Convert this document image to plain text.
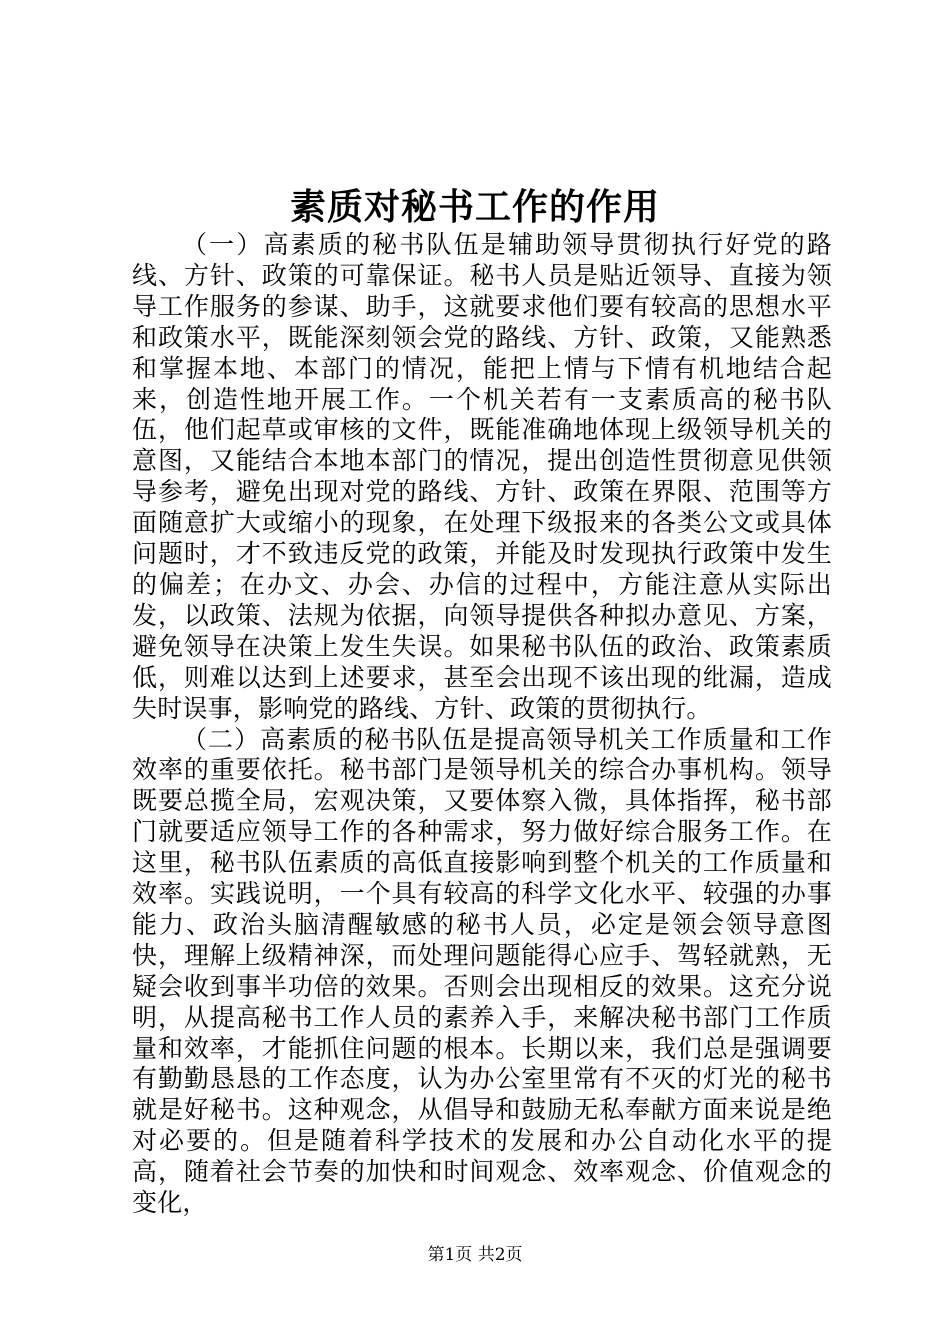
素质对秘书工作的作用

（一）高素质的秘书队伍是辅助领导贯彻执行好党的路线、方针、政策的可靠保证。秘书人员是贴近领导、直接为领导工作服务的参谋、助手，这就要求他们要有较高的思想水平和政策水平，既能深刻领会党的路线、方针、政策，又能熟悉和掌握本地、本部门的情况，能把上情与下情有机地结合起来，创造性地开展工作。一个机关若有一支素质高的秘书队伍，他们起草或审核的文件，既能准确地体现上级领导机关的意图，又能结合本地本部门的情况，提出创造性贯彻意见供领导参考，避免出现对党的路线、方针、政策在界限、范围等方面随意扩大或缩小的现象，在处理下级报来的各类公文或具体问题时，才不致违反党的政策，并能及时发现执行政策中发生的偏差；在办文、办会、办信的过程中，方能注意从实际出发，以政策、法规为依据，向领导提供各种拟办意见、方案，避免领导在决策上发生失误。如果秘书队伍的政治、政策素质低，则难以达到上述要求，甚至会出现不该出现的纰漏，造成失时误事，影响党的路线、方针、政策的贯彻执行。

（二）高素质的秘书队伍是提高领导机关工作质量和工作效率的重要依托。秘书部门是领导机关的综合办事机构。领导既要总揽全局，宏观决策，又要体察入微，具体指挥，秘书部门就要适应领导工作的各种需求，努力做好综合服务工作。在这里，秘书队伍素质的高低直接影响到整个机关的工作质量和效率。实践说明，一个具有较高的科学文化水平、较强的办事能力、政治头脑清醒敏感的秘书人员，必定是领会领导意图快，理解上级精神深，而处理问题能得心应手、驾轻就熟，无疑会收到事半功倍的效果。否则会出现相反的效果。这充分说明，从提高秘书工作人员的素养入手，来解决秘书部门工作质量和效率，才能抓住问题的根本。长期以来，我们总是强调要有勤勤恳恳的工作态度，认为办公室里常有不灭的灯光的秘书就是好秘书。这种观念，从倡导和鼓励无私奉献方面来说是绝对必要的。但是随着科学技术的发展和办公自动化水平的提高，随着社会节奏的加快和时间观念、效率观念、价值观念的变化，

第1页 共2页
